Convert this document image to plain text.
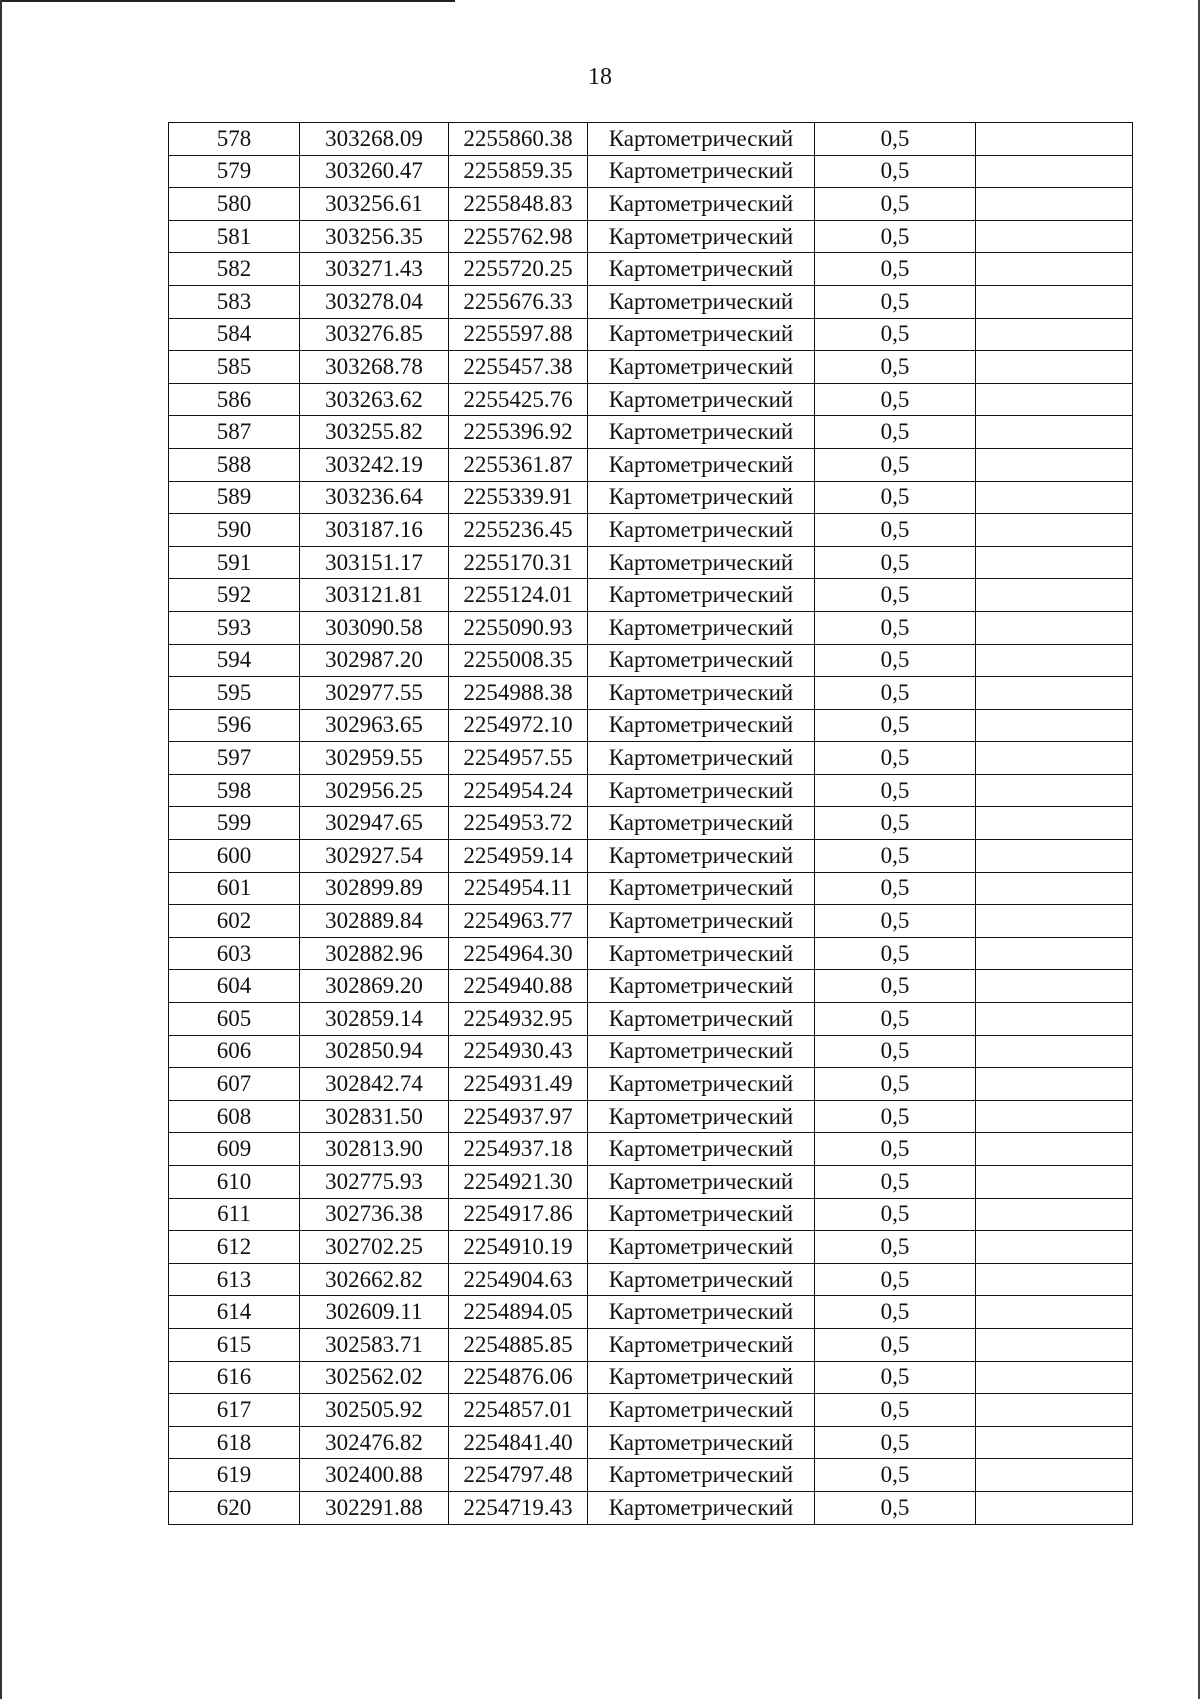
18
578	303268.09	2255860.38	Картометрический	0,5	
579	303260.47	2255859.35	Картометрический	0,5	
580	303256.61	2255848.83	Картометрический	0,5	
581	303256.35	2255762.98	Картометрический	0,5	
582	303271.43	2255720.25	Картометрический	0,5	
583	303278.04	2255676.33	Картометрический	0,5	
584	303276.85	2255597.88	Картометрический	0,5	
585	303268.78	2255457.38	Картометрический	0,5	
586	303263.62	2255425.76	Картометрический	0,5	
587	303255.82	2255396.92	Картометрический	0,5	
588	303242.19	2255361.87	Картометрический	0,5	
589	303236.64	2255339.91	Картометрический	0,5	
590	303187.16	2255236.45	Картометрический	0,5	
591	303151.17	2255170.31	Картометрический	0,5	
592	303121.81	2255124.01	Картометрический	0,5	
593	303090.58	2255090.93	Картометрический	0,5	
594	302987.20	2255008.35	Картометрический	0,5	
595	302977.55	2254988.38	Картометрический	0,5	
596	302963.65	2254972.10	Картометрический	0,5	
597	302959.55	2254957.55	Картометрический	0,5	
598	302956.25	2254954.24	Картометрический	0,5	
599	302947.65	2254953.72	Картометрический	0,5	
600	302927.54	2254959.14	Картометрический	0,5	
601	302899.89	2254954.11	Картометрический	0,5	
602	302889.84	2254963.77	Картометрический	0,5	
603	302882.96	2254964.30	Картометрический	0,5	
604	302869.20	2254940.88	Картометрический	0,5	
605	302859.14	2254932.95	Картометрический	0,5	
606	302850.94	2254930.43	Картометрический	0,5	
607	302842.74	2254931.49	Картометрический	0,5	
608	302831.50	2254937.97	Картометрический	0,5	
609	302813.90	2254937.18	Картометрический	0,5	
610	302775.93	2254921.30	Картометрический	0,5	
611	302736.38	2254917.86	Картометрический	0,5	
612	302702.25	2254910.19	Картометрический	0,5	
613	302662.82	2254904.63	Картометрический	0,5	
614	302609.11	2254894.05	Картометрический	0,5	
615	302583.71	2254885.85	Картометрический	0,5	
616	302562.02	2254876.06	Картометрический	0,5	
617	302505.92	2254857.01	Картометрический	0,5	
618	302476.82	2254841.40	Картометрический	0,5	
619	302400.88	2254797.48	Картометрический	0,5	
620	302291.88	2254719.43	Картометрический	0,5	
